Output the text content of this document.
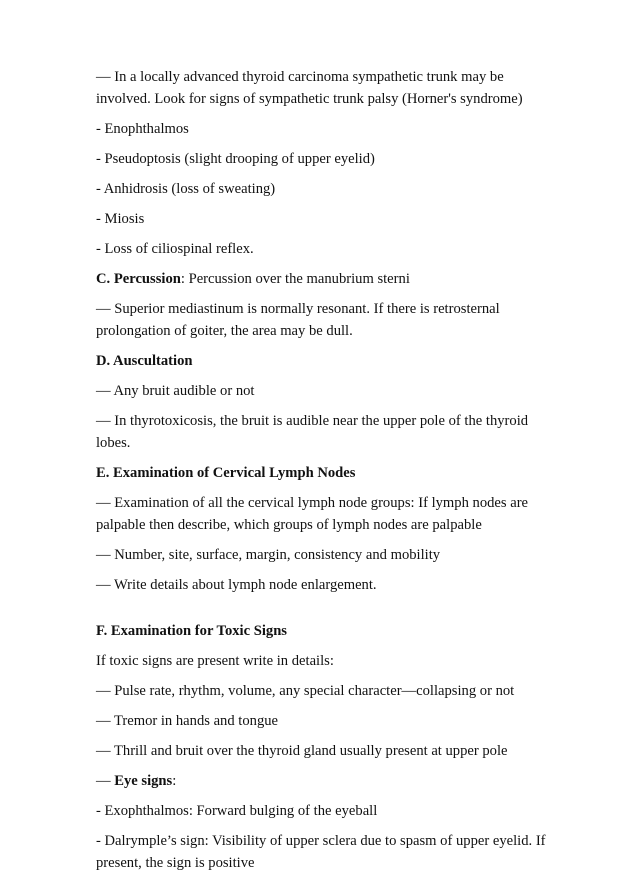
— In a locally advanced thyroid carcinoma sympathetic trunk may be involved. Look for signs of sympathetic trunk palsy (Horner's syndrome)

- Enophthalmos

- Pseudoptosis (slight drooping of upper eyelid)

- Anhidrosis (loss of sweating)

- Miosis

- Loss of ciliospinal reflex.

C. Percussion: Percussion over the manubrium sterni

— Superior mediastinum is normally resonant. If there is retrosternal prolongation of goiter, the area may be dull.

D. Auscultation

— Any bruit audible or not

— In thyrotoxicosis, the bruit is audible near the upper pole of the thyroid lobes.

E. Examination of Cervical Lymph Nodes

— Examination of all the cervical lymph node groups: If lymph nodes are palpable then describe, which groups of lymph nodes are palpable

— Number, site, surface, margin, consistency and mobility

— Write details about lymph node enlargement.

F. Examination for Toxic Signs

If toxic signs are present write in details:

— Pulse rate, rhythm, volume, any special character—collapsing or not

— Tremor in hands and tongue

— Thrill and bruit over the thyroid gland usually present at upper pole

— Eye signs:

- Exophthalmos: Forward bulging of the eyeball

- Dalrymple’s sign: Visibility of upper sclera due to spasm of upper eyelid. If present, the sign is positive
